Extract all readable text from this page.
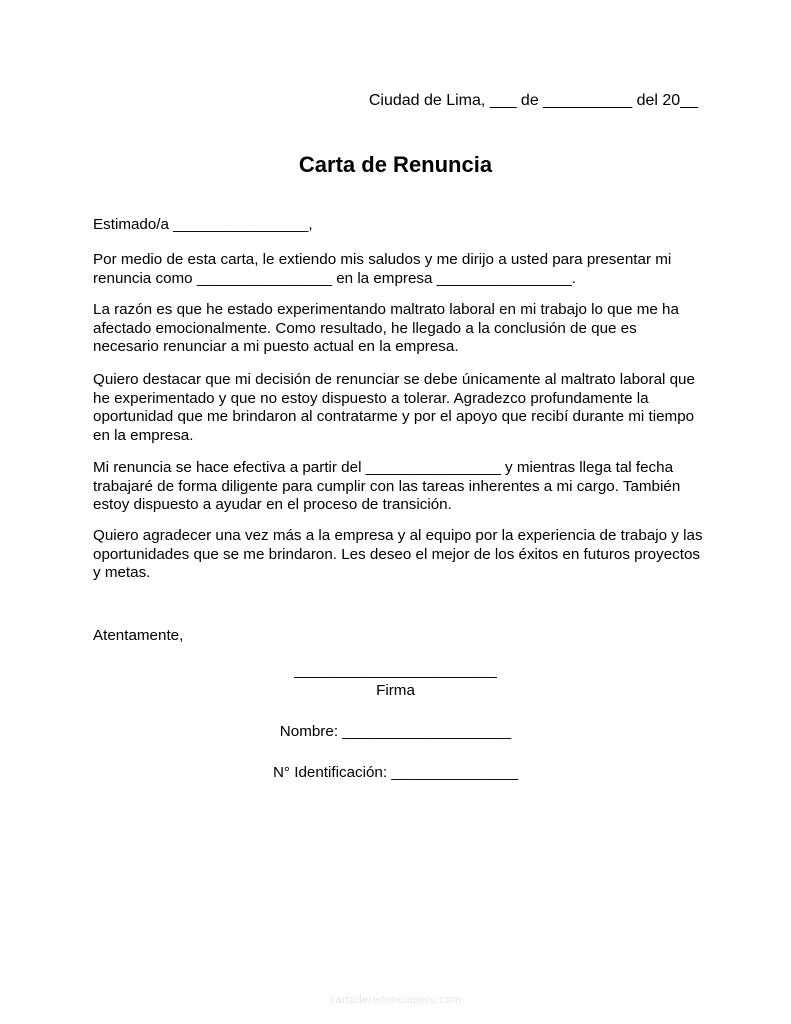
Ciudad de Lima, ___ de __________ del 20__
Carta de Renuncia
Estimado/a ________________,
Por medio de esta carta, le extiendo mis saludos y me dirijo a usted para presentar mi renuncia como ________________ en la empresa ________________.
La razón es que he estado experimentando maltrato laboral en mi trabajo lo que me ha afectado emocionalmente. Como resultado, he llegado a la conclusión de que es necesario renunciar a mi puesto actual en la empresa.
Quiero destacar que mi decisión de renunciar se debe únicamente al maltrato laboral que he experimentado y que no estoy dispuesto a tolerar. Agradezco profundamente la oportunidad que me brindaron al contratarme y por el apoyo que recibí durante mi tiempo en la empresa.
Mi renuncia se hace efectiva a partir del ________________ y mientras llega tal fecha trabajaré de forma diligente para cumplir con las tareas inherentes a mi cargo. También estoy dispuesto a ayudar en el proceso de transición.
Quiero agradecer una vez más a la empresa y al equipo por la experiencia de trabajo y las oportunidades que se me brindaron. Les deseo el mejor de los éxitos en futuros proyectos y metas.
Atentamente,
________________________
Firma
Nombre: ____________________
N° Identificación: _______________
cartaderenunciaperu.com
